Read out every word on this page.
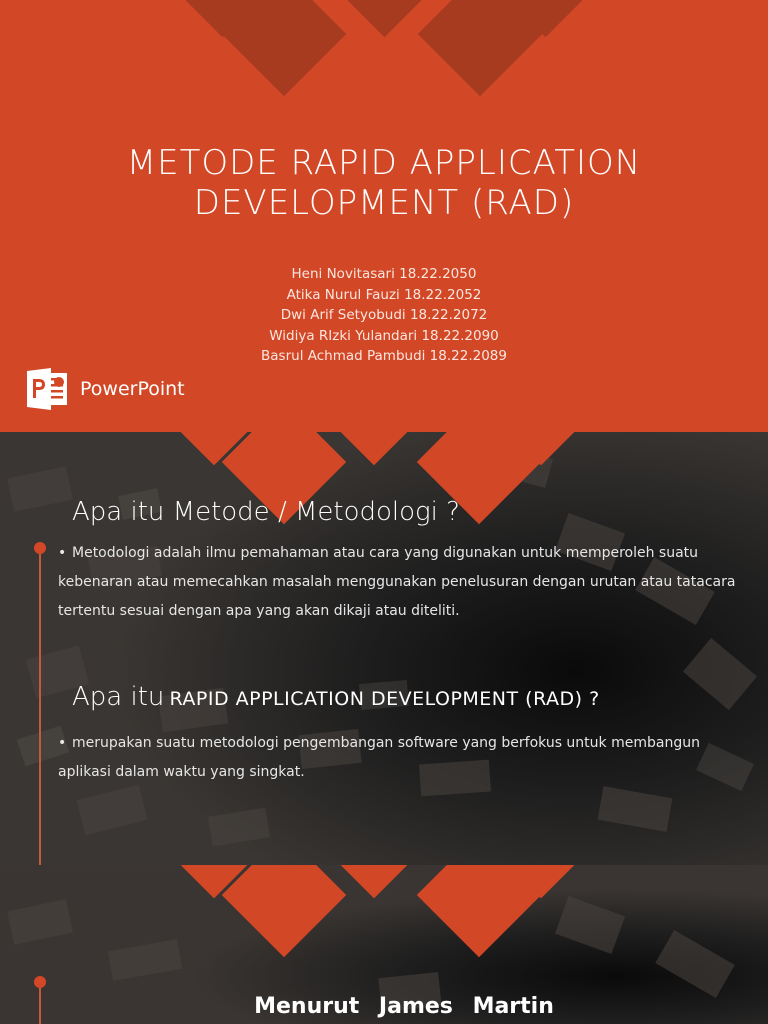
METODE RAPID APPLICATION
DEVELOPMENT (RAD)
Heni Novitasari 18.22.2050
Atika Nurul Fauzi 18.22.2052
Dwi Arif Setyobudi 18.22.2072
Widiya RIzki Yulandari 18.22.2090
Basrul Achmad Pambudi 18.22.2089
PowerPoint
Apa itu Metode / Metodologi ?
• Metodologi adalah ilmu pemahaman atau cara yang digunakan untuk memperoleh suatu kebenaran atau memecahkan masalah menggunakan penelusuran dengan urutan atau tatacara tertentu sesuai dengan apa yang akan dikaji atau diteliti.
Apa itu RAPID APPLICATION DEVELOPMENT (RAD) ?
• merupakan suatu metodologi pengembangan software yang berfokus untuk membangun aplikasi dalam waktu yang singkat.
Menurut James Martin
